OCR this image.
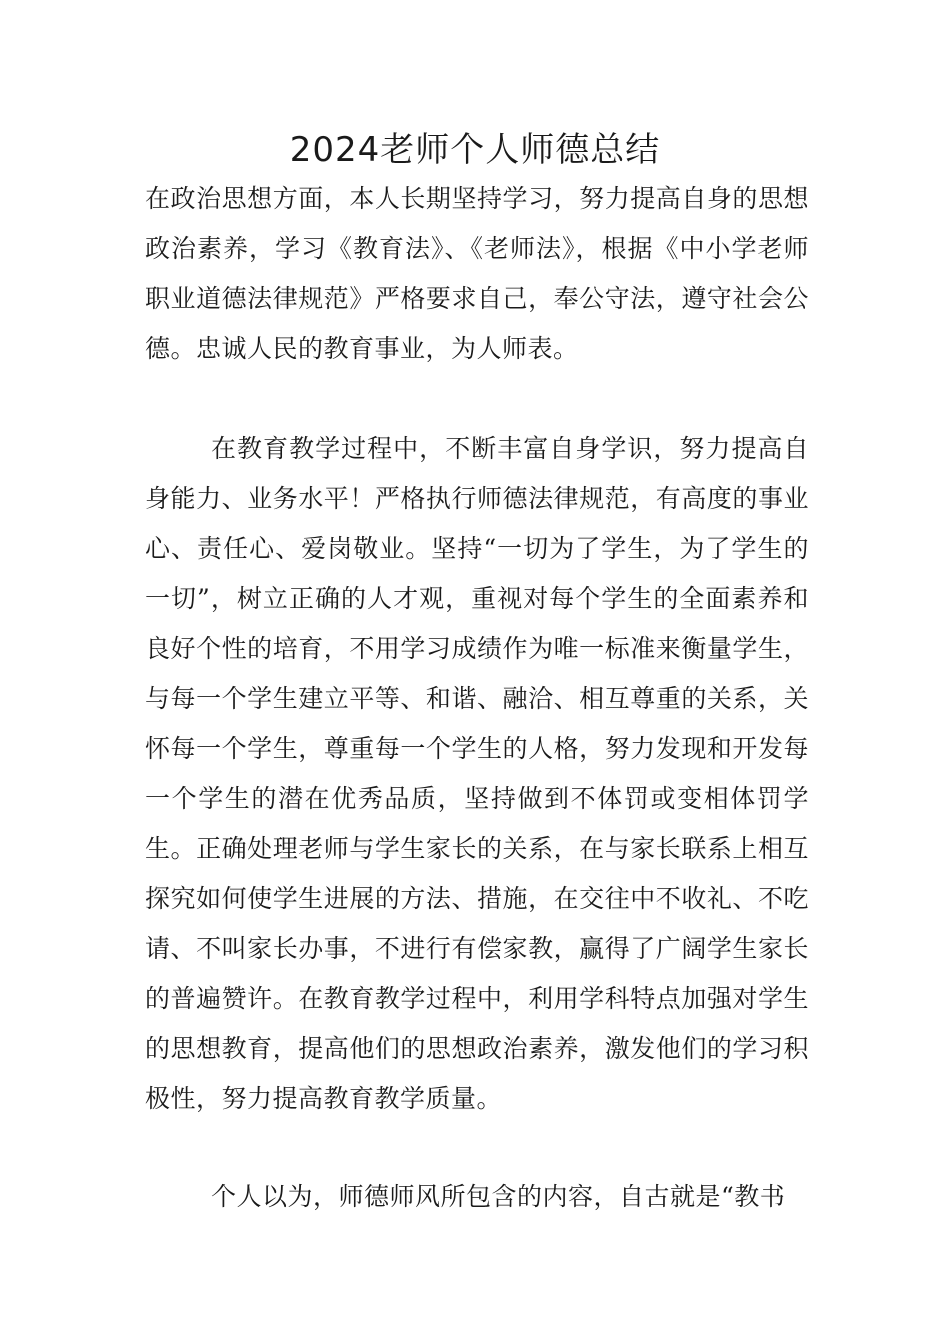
2024老师个人师德总结

在政治思想方面，本人长期坚持学习，努力提高自身的思想政治素养，学习《教育法》、《老师法》，根据《中小学老师职业道德法律规范》严格要求自己，奉公守法，遵守社会公德。忠诚人民的教育事业，为人师表。

在教育教学过程中，不断丰富自身学识，努力提高自身能力、业务水平！严格执行师德法律规范，有高度的事业心、责任心、爱岗敬业。坚持“一切为了学生，为了学生的一切”，树立正确的人才观，重视对每个学生的全面素养和良好个性的培育，不用学习成绩作为唯一标准来衡量学生，与每一个学生建立平等、和谐、融洽、相互尊重的关系，关怀每一个学生，尊重每一个学生的人格，努力发现和开发每一个学生的潜在优秀品质，坚持做到不体罚或变相体罚学生。正确处理老师与学生家长的关系，在与家长联系上相互探究如何使学生进展的方法、措施，在交往中不收礼、不吃请、不叫家长办事，不进行有偿家教，赢得了广阔学生家长的普遍赞许。在教育教学过程中，利用学科特点加强对学生的思想教育，提高他们的思想政治素养，激发他们的学习积极性，努力提高教育教学质量。

个人以为，师德师风所包含的内容，自古就是“教书
